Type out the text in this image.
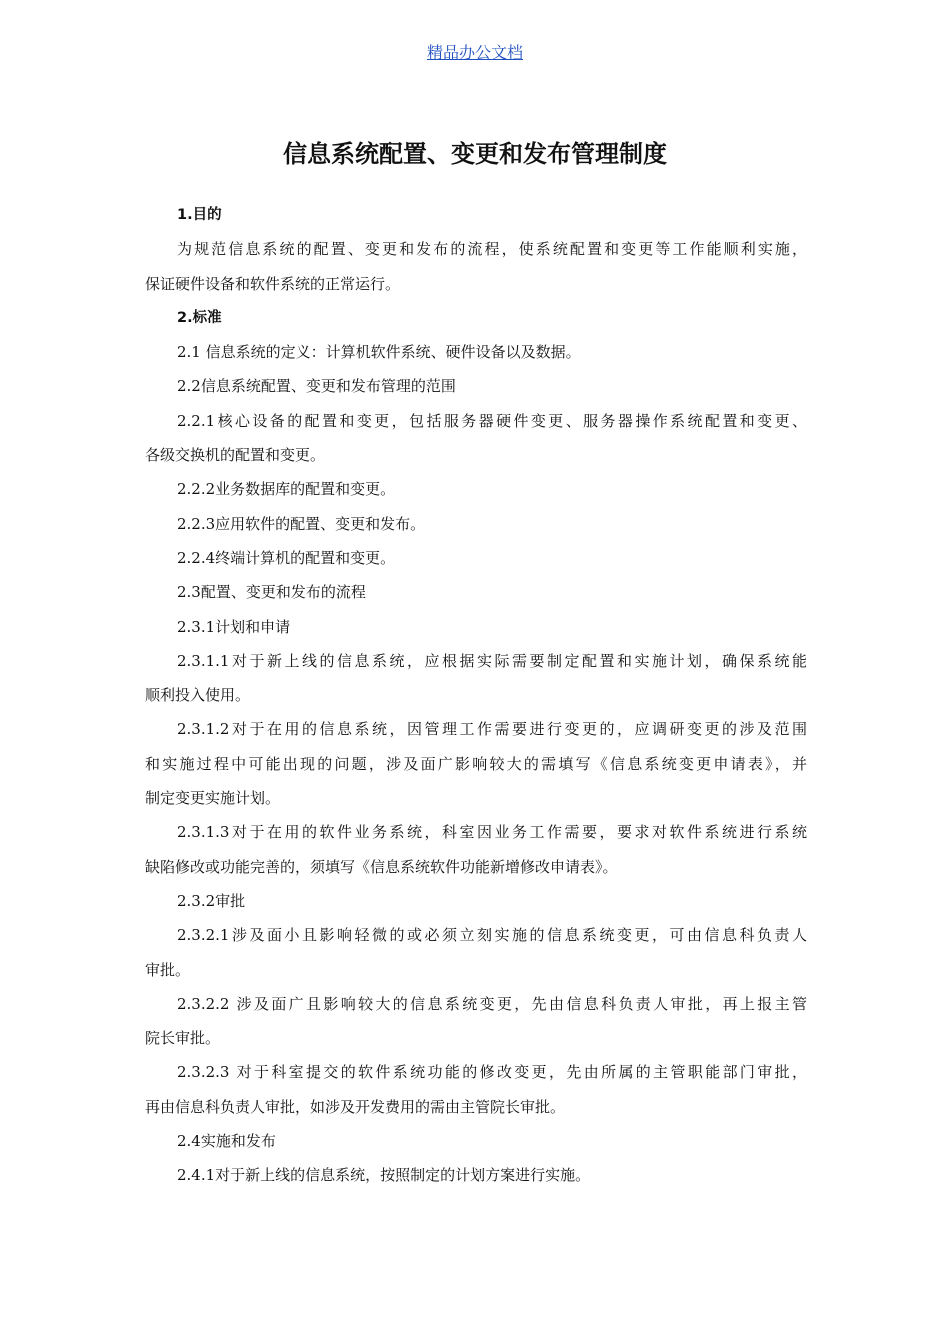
精品办公文档
信息系统配置、变更和发布管理制度
1.目的
为规范信息系统的配置、变更和发布的流程，使系统配置和变更等工作能顺利实施，
保证硬件设备和软件系统的正常运行。
2.标准
2.1 信息系统的定义：计算机软件系统、硬件设备以及数据。
2.2信息系统配置、变更和发布管理的范围
2.2.1核心设备的配置和变更，包括服务器硬件变更、服务器操作系统配置和变更、
各级交换机的配置和变更。
2.2.2业务数据库的配置和变更。
2.2.3应用软件的配置、变更和发布。
2.2.4终端计算机的配置和变更。
2.3配置、变更和发布的流程
2.3.1计划和申请
2.3.1.1对于新上线的信息系统，应根据实际需要制定配置和实施计划，确保系统能
顺利投入使用。
2.3.1.2对于在用的信息系统，因管理工作需要进行变更的，应调研变更的涉及范围
和实施过程中可能出现的问题，涉及面广影响较大的需填写《信息系统变更申请表》，并
制定变更实施计划。
2.3.1.3对于在用的软件业务系统，科室因业务工作需要，要求对软件系统进行系统
缺陷修改或功能完善的，须填写《信息系统软件功能新增修改申请表》。
2.3.2审批
2.3.2.1涉及面小且影响轻微的或必须立刻实施的信息系统变更，可由信息科负责人
审批。
2.3.2.2 涉及面广且影响较大的信息系统变更，先由信息科负责人审批，再上报主管
院长审批。
2.3.2.3 对于科室提交的软件系统功能的修改变更，先由所属的主管职能部门审批，
再由信息科负责人审批，如涉及开发费用的需由主管院长审批。
2.4实施和发布
2.4.1对于新上线的信息系统，按照制定的计划方案进行实施。
